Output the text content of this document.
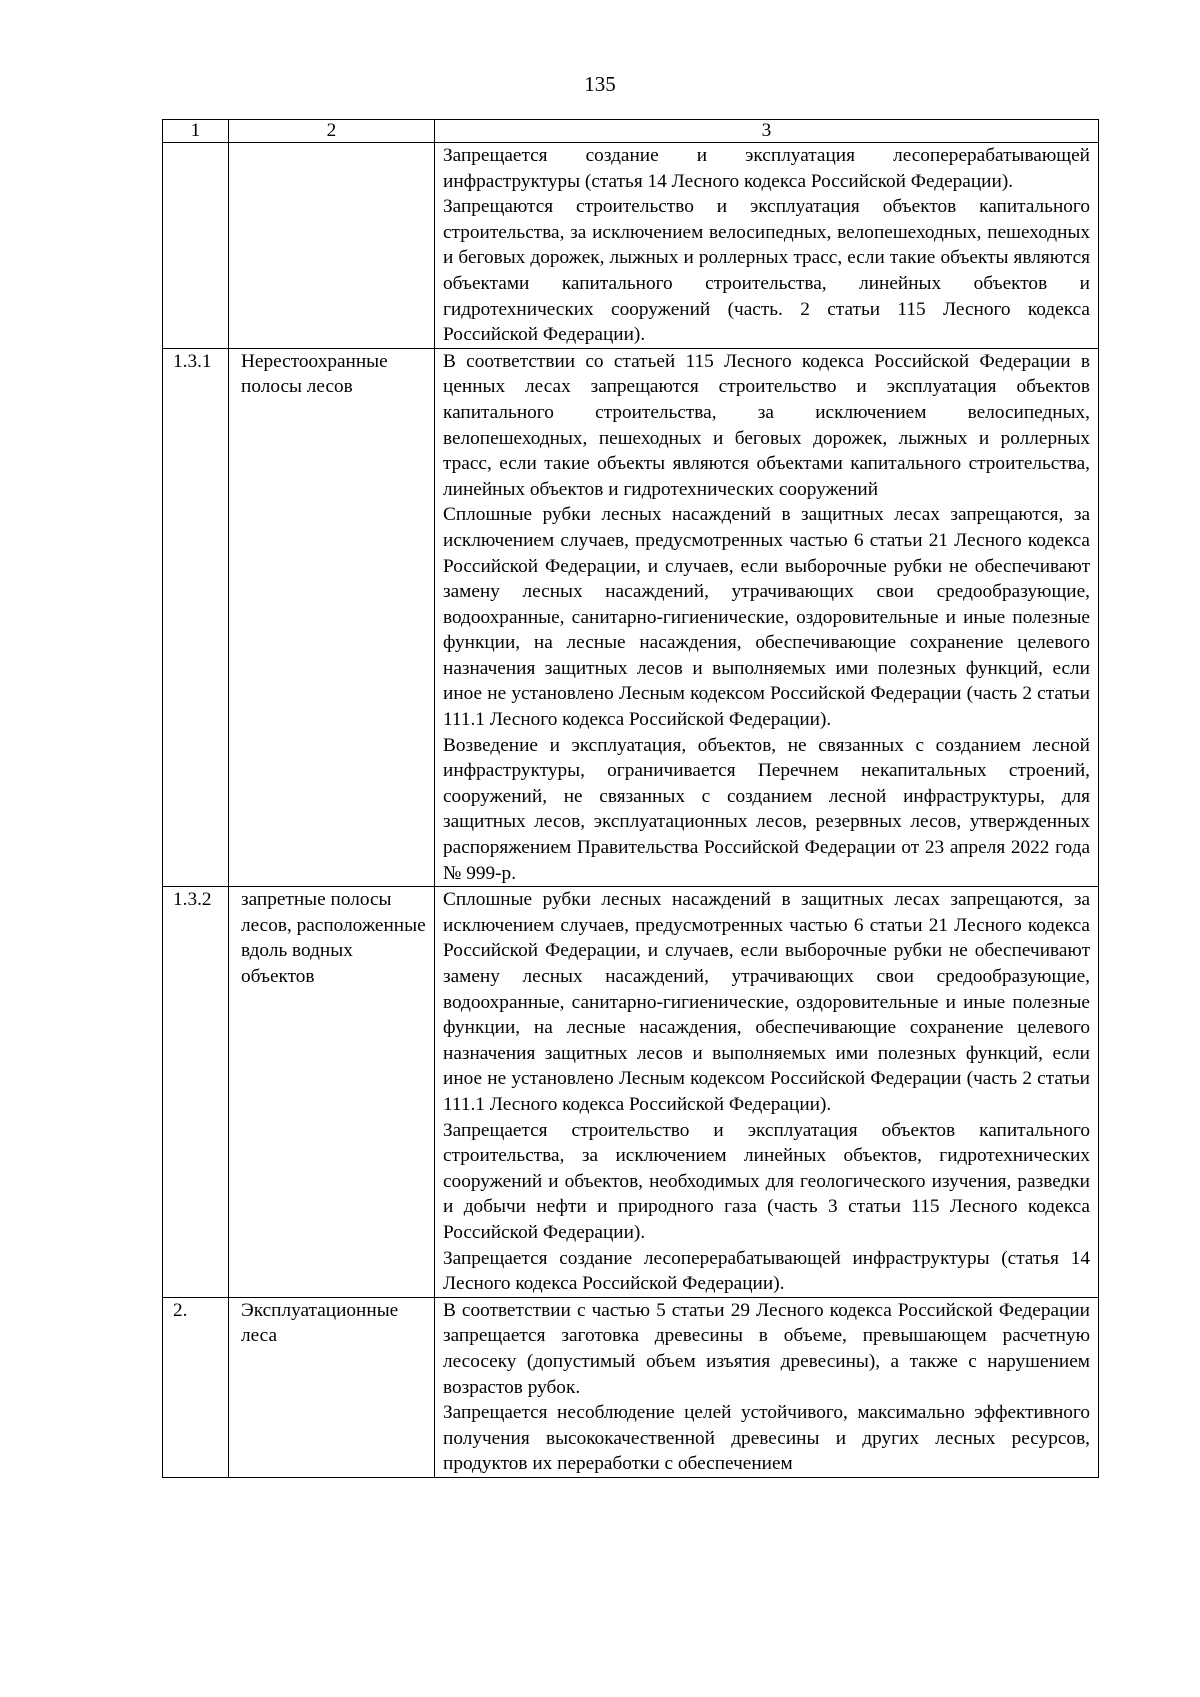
135
1	2	3

		Запрещается создание и эксплуатация лесоперерабатывающей инфраструктуры (статья 14 Лесного кодекса Российской Федерации).

Запрещаются строительство и эксплуатация объектов капитального строительства, за исключением велосипедных, велопешеходных, пешеходных и беговых дорожек, лыжных и роллерных трасс, если такие объекты являются объектами капитального строительства, линейных объектов и гидротехнических сооружений (часть. 2 статьи 115 Лесного кодекса Российской Федерации).

1.3.1	Нерестоохранные полосы лесов	В соответствии со статьей 115 Лесного кодекса Российской Федерации в ценных лесах запрещаются строительство и эксплуатация объектов капитального строительства, за исключением велосипедных, велопешеходных, пешеходных и беговых дорожек, лыжных и роллерных трасс, если такие объекты являются объектами капитального строительства, линейных объектов и гидротехнических сооружений

Сплошные рубки лесных насаждений в защитных лесах запрещаются, за исключением случаев, предусмотренных частью 6 статьи 21 Лесного кодекса Российской Федерации, и случаев, если выборочные рубки не обеспечивают замену лесных насаждений, утрачивающих свои средообразующие, водоохранные, санитарно-гигиенические, оздоровительные и иные полезные функции, на лесные насаждения, обеспечивающие сохранение целевого назначения защитных лесов и выполняемых ими полезных функций, если иное не установлено Лесным кодексом Российской Федерации (часть 2 статьи 111.1 Лесного кодекса Российской Федерации).

Возведение и эксплуатация, объектов, не связанных с созданием лесной инфраструктуры, ограничивается Перечнем некапитальных строений, сооружений, не связанных с созданием лесной инфраструктуры, для защитных лесов, эксплуатационных лесов, резервных лесов, утвержденных распоряжением Правительства Российской Федерации от 23 апреля 2022 года № 999-р.

1.3.2	запретные полосы лесов, расположенные вдоль водных объектов	Сплошные рубки лесных насаждений в защитных лесах запрещаются, за исключением случаев, предусмотренных частью 6 статьи 21 Лесного кодекса Российской Федерации, и случаев, если выборочные рубки не обеспечивают замену лесных насаждений, утрачивающих свои средообразующие, водоохранные, санитарно-гигиенические, оздоровительные и иные полезные функции, на лесные насаждения, обеспечивающие сохранение целевого назначения защитных лесов и выполняемых ими полезных функций, если иное не установлено Лесным кодексом Российской Федерации (часть 2 статьи 111.1 Лесного кодекса Российской Федерации).

Запрещается строительство и эксплуатация объектов капитального строительства, за исключением линейных объектов, гидротехнических сооружений и объектов, необходимых для геологического изучения, разведки и добычи нефти и природного газа (часть 3 статьи 115 Лесного кодекса Российской Федерации).

Запрещается создание лесоперерабатывающей инфраструктуры (статья 14 Лесного кодекса Российской Федерации).

2.	Эксплуатационные леса	В соответствии с частью 5 статьи 29 Лесного кодекса Российской Федерации запрещается заготовка древесины в объеме, превышающем расчетную лесосеку (допустимый объем изъятия древесины), а также с нарушением возрастов рубок.

Запрещается несоблюдение целей устойчивого, максимально эффективного получения высококачественной древесины и других лесных ресурсов, продуктов их переработки с обеспечением
